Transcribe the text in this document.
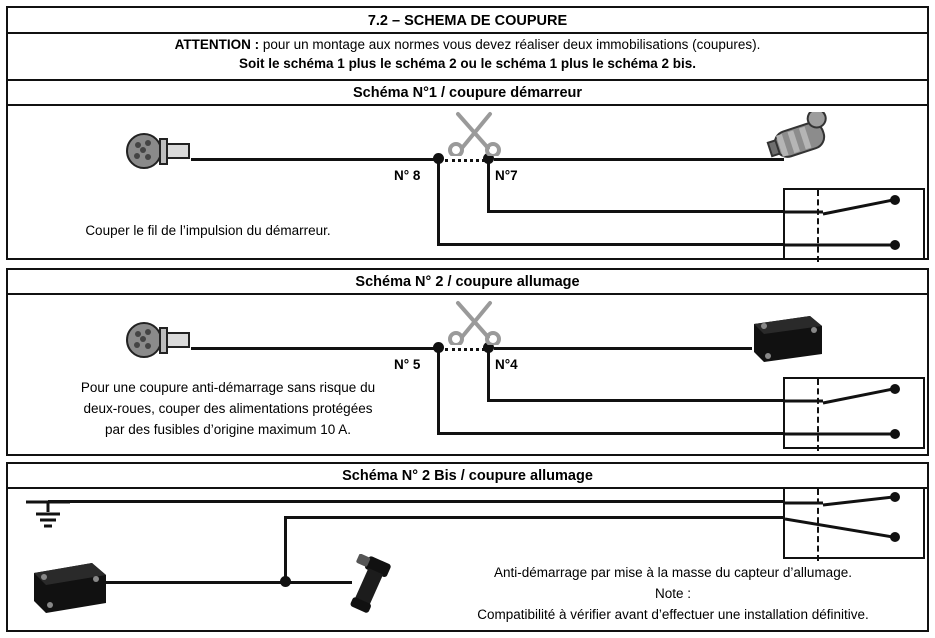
7.2 – SCHEMA DE COUPURE
ATTENTION : pour un montage aux normes vous devez réaliser deux immobilisations (coupures).
Soit le schéma 1 plus le schéma 2 ou le schéma 1 plus le schéma 2 bis.
Schéma N°1 / coupure démarreur
N° 8	N°7
Couper le fil de l’impulsion du démarreur.
Schéma N° 2 / coupure allumage
N° 5	N°4
Pour une coupure anti-démarrage sans risque du
deux-roues, couper des alimentations protégées
par des fusibles d’origine maximum 10 A.
Schéma N° 2 Bis / coupure allumage
Anti-démarrage par mise à la masse du capteur d’allumage.
Note :
Compatibilité à vérifier avant d’effectuer une installation définitive.
